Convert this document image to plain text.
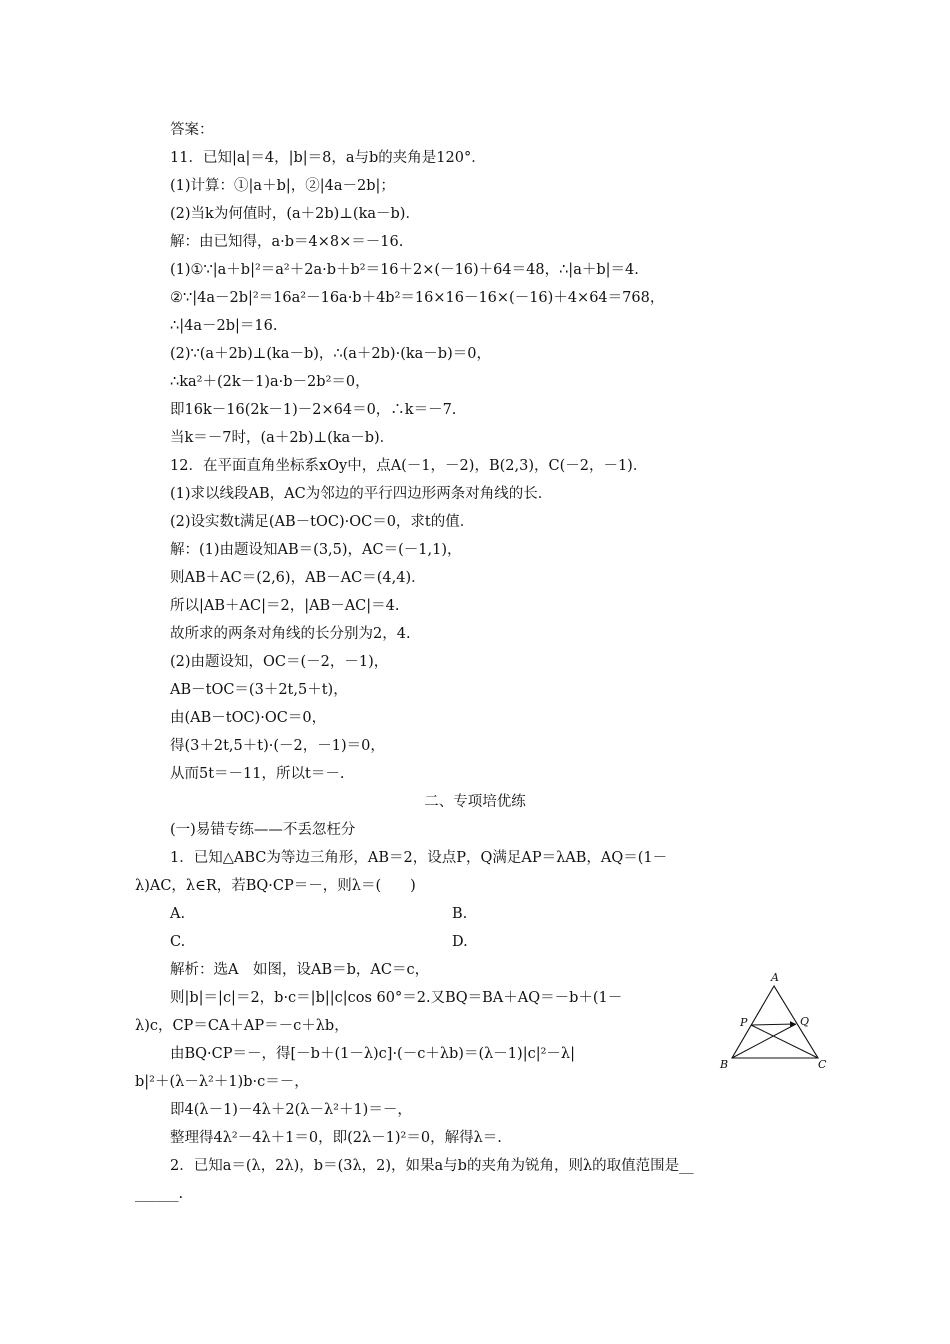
答案：
11．已知|a|＝4，|b|＝8，a与b的夹角是120°．
(1)计算：①|a＋b|，②|4a－2b|；
(2)当k为何值时，(a＋2b)⊥(ka－b)．
解：由已知得，a·b＝4×8×＝－16.
(1)①∵|a＋b|²＝a²＋2a·b＋b²＝16＋2×(－16)＋64＝48，∴|a＋b|＝4.
②∵|4a－2b|²＝16a²－16a·b＋4b²＝16×16－16×(－16)＋4×64＝768，
∴|4a－2b|＝16.
(2)∵(a＋2b)⊥(ka－b)，∴(a＋2b)·(ka－b)＝0，
∴ka²＋(2k－1)a·b－2b²＝0，
即16k－16(2k－1)－2×64＝0，∴k＝－7.
当k＝－7时，(a＋2b)⊥(ka－b)．
12．在平面直角坐标系xOy中，点A(－1，－2)，B(2,3)，C(－2，－1)．
(1)求以线段AB，AC为邻边的平行四边形两条对角线的长．
(2)设实数t满足(AB－tOC)·OC＝0，求t的值．
解：(1)由题设知AB＝(3,5)，AC＝(－1,1)，
则AB＋AC＝(2,6)，AB－AC＝(4,4)．
所以|AB＋AC|＝2，|AB－AC|＝4.
故所求的两条对角线的长分别为2，4.
(2)由题设知，OC＝(－2，－1)，
AB－tOC＝(3＋2t,5＋t)，
由(AB－tOC)·OC＝0，
得(3＋2t,5＋t)·(－2，－1)＝0，
从而5t＝－11，所以t＝－.
二、专项培优练
(一)易错专练——不丢忽枉分
1．已知△ABC为等边三角形，AB＝2，设点P，Q满足AP＝λAB，AQ＝(1－
λ)AC，λ∈R，若BQ·CP＝－，则λ＝(　　)
A.	B.
C.	D.
解析：选A　如图，设AB＝b，AC＝c，
则|b|＝|c|＝2，b·c＝|b||c|cos 60°＝2.又BQ＝BA＋AQ＝－b＋(1－
λ)c，CP＝CA＋AP＝－c＋λb，
由BQ·CP＝－，得[－b＋(1－λ)c]·(－c＋λb)＝(λ－1)|c|²－λ|
b|²＋(λ－λ²＋1)b·c＝－，
即4(λ－1)－4λ＋2(λ－λ²＋1)＝－，
整理得4λ²－4λ＋1＝0，即(2λ－1)²＝0，解得λ＝.
2．已知a＝(λ，2λ)，b＝(3λ，2)，如果a与b的夹角为锐角，则λ的取值范围是__
______.
A
B	C
P	Q
